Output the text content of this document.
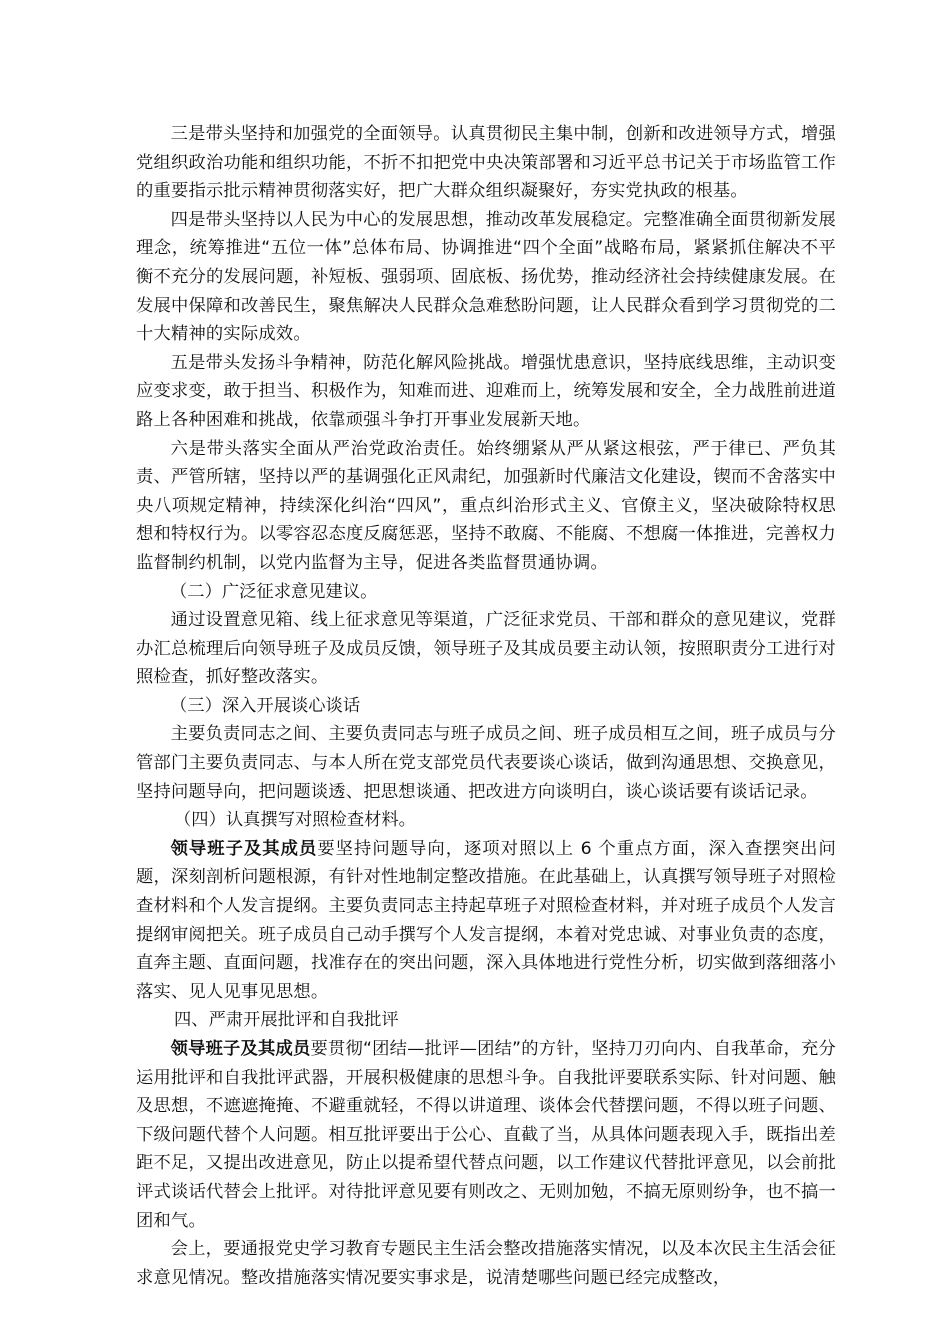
三是带头坚持和加强党的全面领导。认真贯彻民主集中制，创新和改进领导方式，增强党组织政治功能和组织功能，不折不扣把党中央决策部署和习近平总书记关于市场监管工作的重要指示批示精神贯彻落实好，把广大群众组织凝聚好，夯实党执政的根基。

四是带头坚持以人民为中心的发展思想，推动改革发展稳定。完整准确全面贯彻新发展理念，统筹推进“五位一体”总体布局、协调推进“四个全面”战略布局，紧紧抓住解决不平衡不充分的发展问题，补短板、强弱项、固底板、扬优势，推动经济社会持续健康发展。在发展中保障和改善民生，聚焦解决人民群众急难愁盼问题，让人民群众看到学习贯彻党的二十大精神的实际成效。

五是带头发扬斗争精神，防范化解风险挑战。增强忧患意识，坚持底线思维，主动识变应变求变，敢于担当、积极作为，知难而进、迎难而上，统筹发展和安全，全力战胜前进道路上各种困难和挑战，依靠顽强斗争打开事业发展新天地。

六是带头落实全面从严治党政治责任。始终绷紧从严从紧这根弦，严于律已、严负其责、严管所辖，坚持以严的基调强化正风肃纪，加强新时代廉洁文化建设，锲而不舍落实中央八项规定精神，持续深化纠治“四风”，重点纠治形式主义、官僚主义，坚决破除特权思想和特权行为。以零容忍态度反腐惩恶，坚持不敢腐、不能腐、不想腐一体推进，完善权力监督制约机制，以党内监督为主导，促进各类监督贯通协调。

（二）广泛征求意见建议。

通过设置意见箱、线上征求意见等渠道，广泛征求党员、干部和群众的意见建议，党群办汇总梳理后向领导班子及成员反馈，领导班子及其成员要主动认领，按照职责分工进行对照检查，抓好整改落实。

（三）深入开展谈心谈话

主要负责同志之间、主要负责同志与班子成员之间、班子成员相互之间，班子成员与分管部门主要负责同志、与本人所在党支部党员代表要谈心谈话，做到沟通思想、交换意见，坚持问题导向，把问题谈透、把思想谈通、把改进方向谈明白，谈心谈话要有谈话记录。

（四）认真撰写对照检查材料。

领导班子及其成员要坚持问题导向，逐项对照以上 6 个重点方面，深入查摆突出问题，深刻剖析问题根源，有针对性地制定整改措施。在此基础上，认真撰写领导班子对照检查材料和个人发言提纲。主要负责同志主持起草班子对照检查材料，并对班子成员个人发言提纲审阅把关。班子成员自己动手撰写个人发言提纲，本着对党忠诚、对事业负责的态度，直奔主题、直面问题，找准存在的突出问题，深入具体地进行党性分析，切实做到落细落小落实、见人见事见思想。

四、严肃开展批评和自我批评

领导班子及其成员要贯彻“团结—批评—团结”的方针，坚持刀刃向内、自我革命，充分运用批评和自我批评武器，开展积极健康的思想斗争。自我批评要联系实际、针对问题、触及思想，不遮遮掩掩、不避重就轻，不得以讲道理、谈体会代替摆问题，不得以班子问题、下级问题代替个人问题。相互批评要出于公心、直截了当，从具体问题表现入手，既指出差距不足，又提出改进意见，防止以提希望代替点问题，以工作建议代替批评意见，以会前批评式谈话代替会上批评。对待批评意见要有则改之、无则加勉，不搞无原则纷争，也不搞一团和气。

会上，要通报党史学习教育专题民主生活会整改措施落实情况，以及本次民主生活会征求意见情况。整改措施落实情况要实事求是，说清楚哪些问题已经完成整改，
